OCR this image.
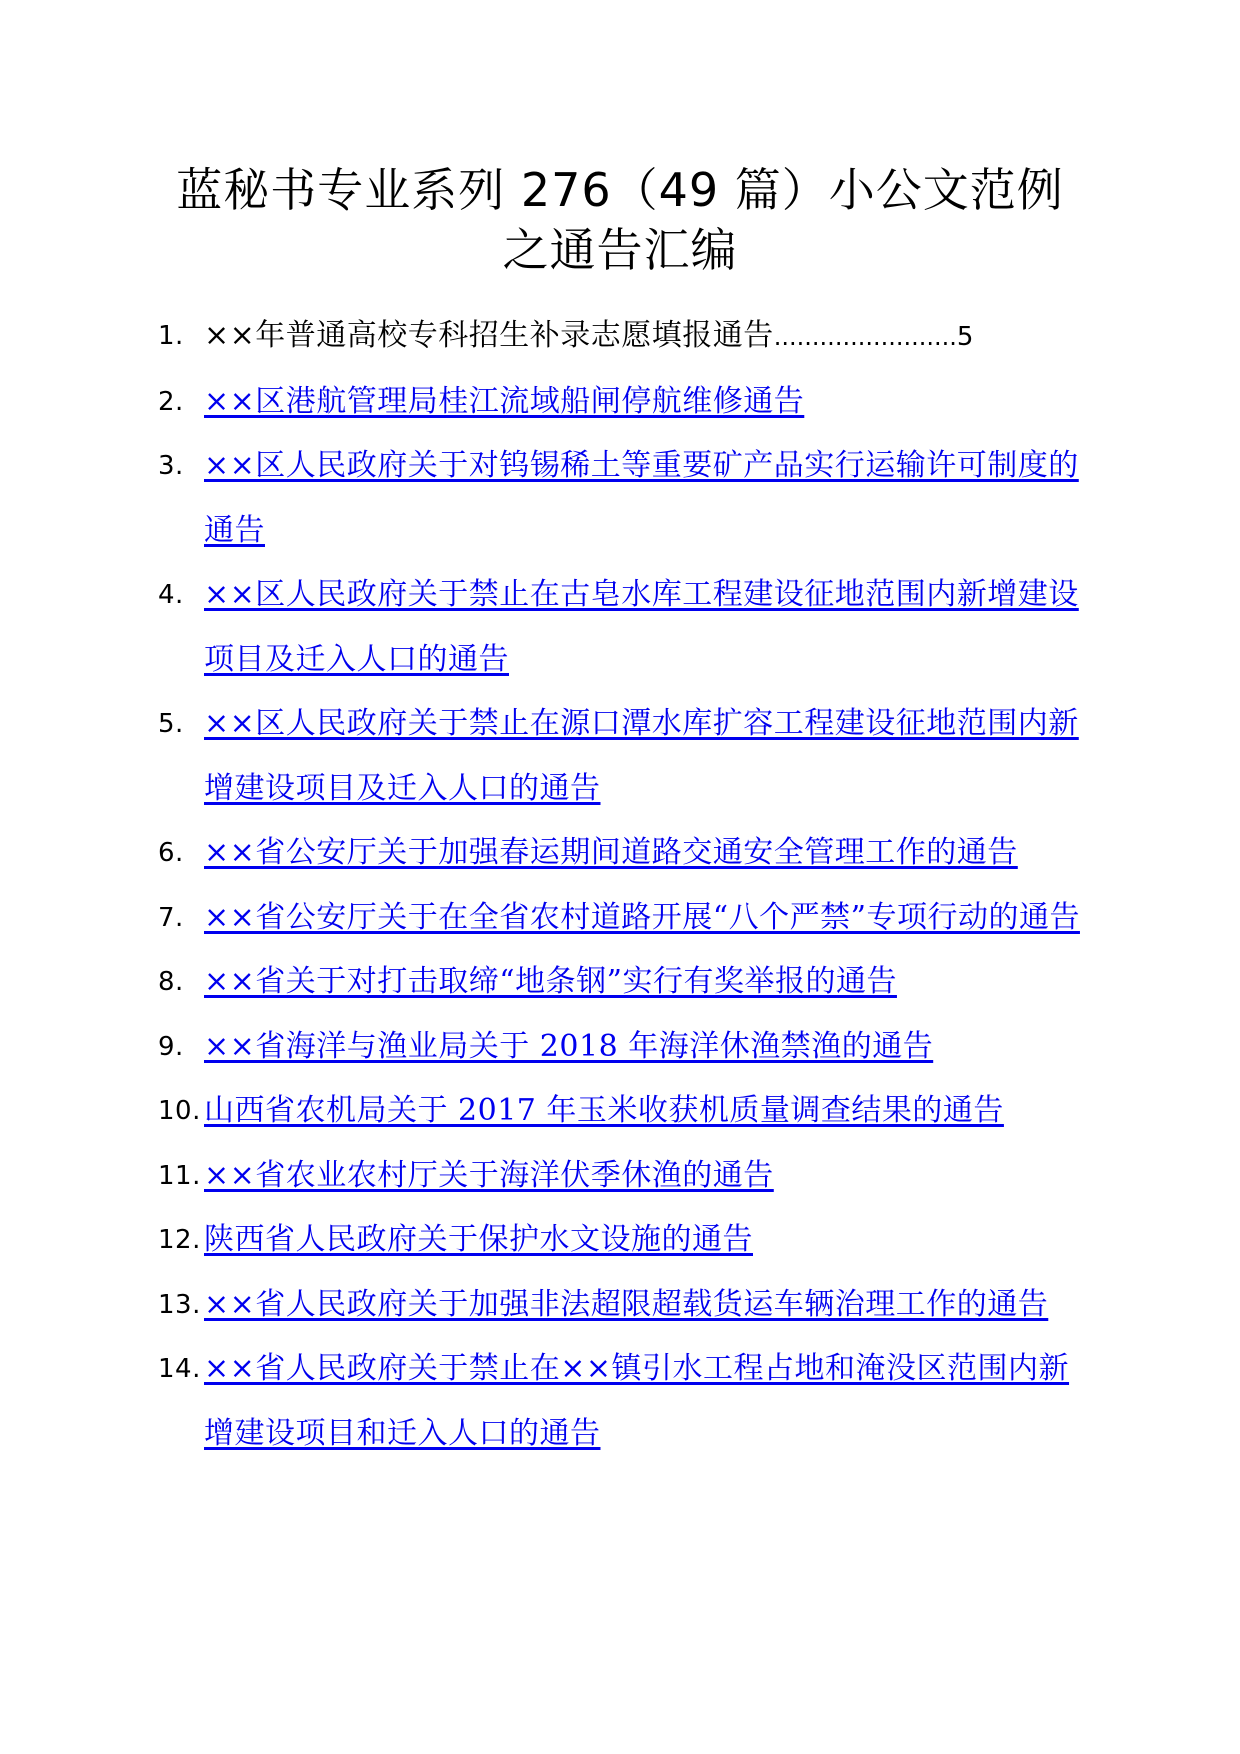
蓝秘书专业系列 276（49 篇）小公文范例
之通告汇编
1. ××年普通高校专科招生补录志愿填报通告........................5
2. ××区港航管理局桂江流域船闸停航维修通告
3. ××区人民政府关于对钨锡稀土等重要矿产品实行运输许可制度的通告
4. ××区人民政府关于禁止在古皂水库工程建设征地范围内新增建设项目及迁入人口的通告
5. ××区人民政府关于禁止在源口潭水库扩容工程建设征地范围内新增建设项目及迁入人口的通告
6. ××省公安厅关于加强春运期间道路交通安全管理工作的通告
7. ××省公安厅关于在全省农村道路开展“八个严禁”专项行动的通告
8. ××省关于对打击取缔“地条钢”实行有奖举报的通告
9. ××省海洋与渔业局关于 2018 年海洋休渔禁渔的通告
10. 山西省农机局关于 2017 年玉米收获机质量调查结果的通告
11. ××省农业农村厅关于海洋伏季休渔的通告
12. 陕西省人民政府关于保护水文设施的通告
13. ××省人民政府关于加强非法超限超载货运车辆治理工作的通告
14. ××省人民政府关于禁止在××镇引水工程占地和淹没区范围内新增建设项目和迁入人口的通告
